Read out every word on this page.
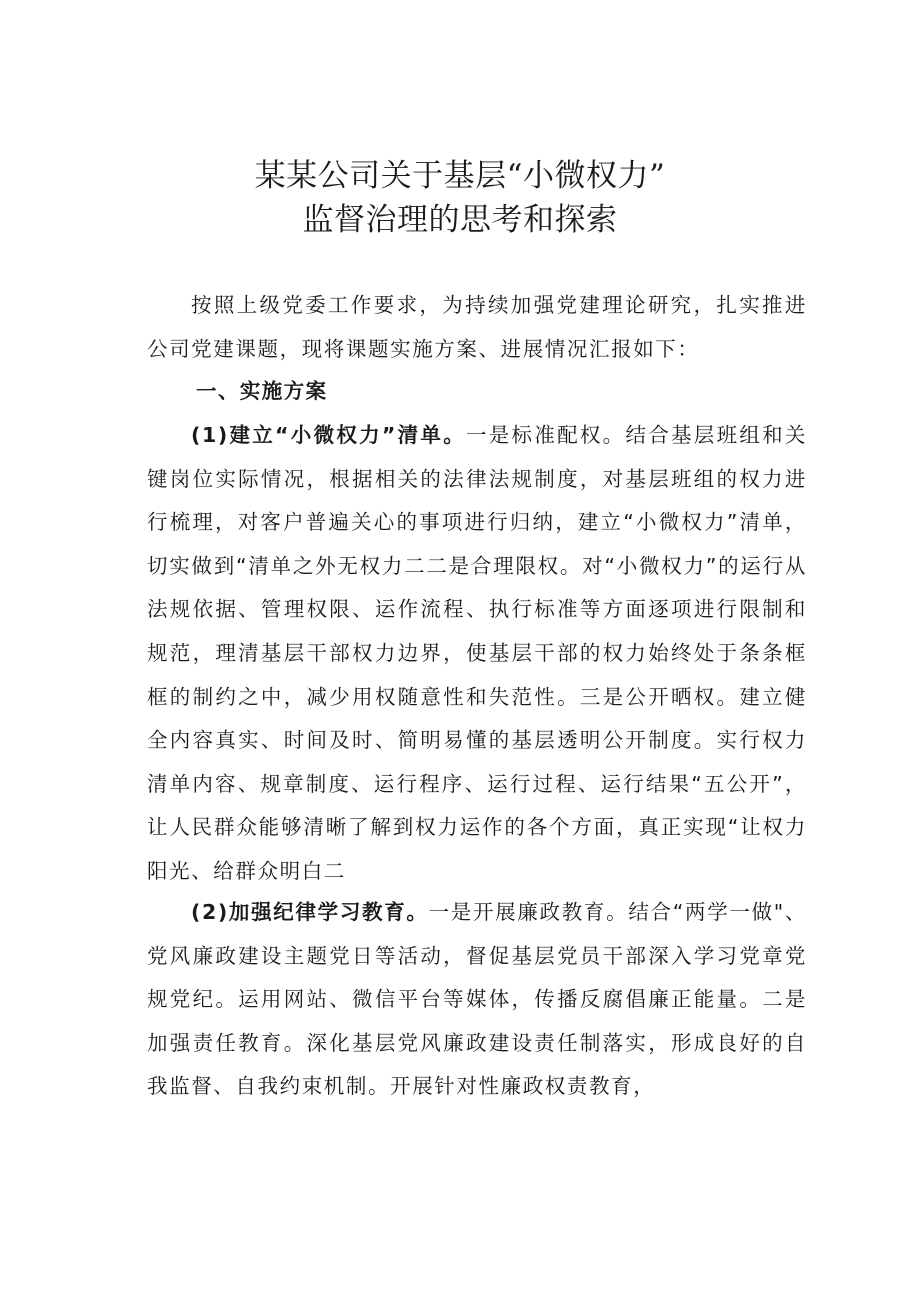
某某公司关于基层“小微权力”
监督治理的思考和探索

按照上级党委工作要求，为持续加强党建理论研究，扎实推进公司党建课题，现将课题实施方案、进展情况汇报如下：

一、实施方案

(1)建立“小微权力”清单。一是标准配权。结合基层班组和关键岗位实际情况，根据相关的法律法规制度，对基层班组的权力进行梳理，对客户普遍关心的事项进行归纳，建立“小微权力”清单，切实做到“清单之外无权力二二是合理限权。对“小微权力”的运行从法规依据、管理权限、运作流程、执行标准等方面逐项进行限制和规范，理清基层干部权力边界，使基层干部的权力始终处于条条框框的制约之中，减少用权随意性和失范性。三是公开晒权。建立健全内容真实、时间及时、简明易懂的基层透明公开制度。实行权力清单内容、规章制度、运行程序、运行过程、运行结果“五公开”，让人民群众能够清晰了解到权力运作的各个方面，真正实现“让权力阳光、给群众明白二

(2)加强纪律学习教育。一是开展廉政教育。结合“两学一做"、党风廉政建设主题党日等活动，督促基层党员干部深入学习党章党规党纪。运用网站、微信平台等媒体，传播反腐倡廉正能量。二是加强责任教育。深化基层党风廉政建设责任制落实，形成良好的自我监督、自我约束机制。开展针对性廉政权责教育，
